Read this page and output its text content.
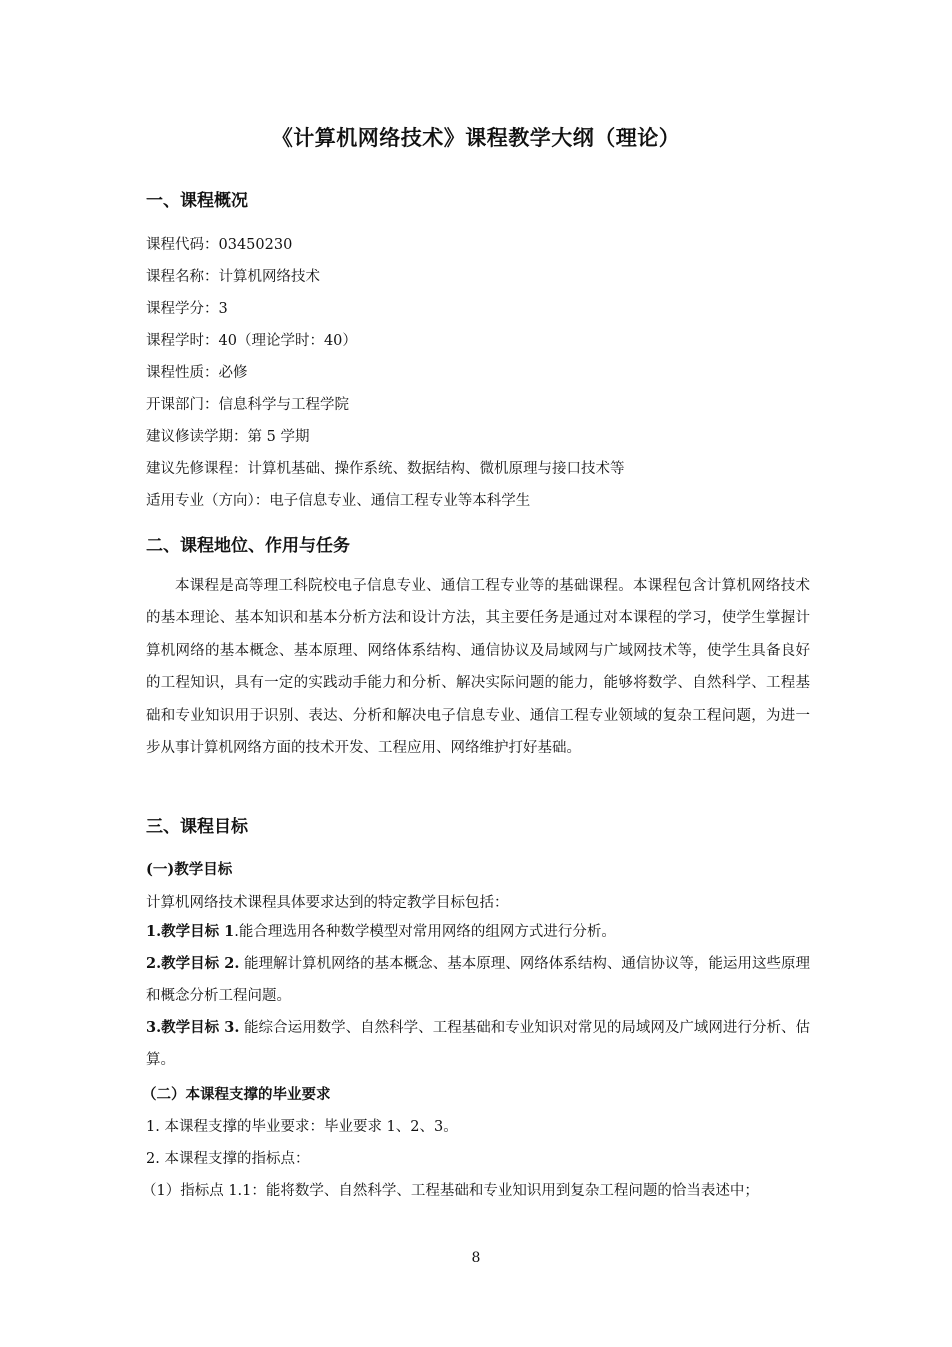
《计算机网络技术》课程教学大纲（理论）
一、课程概况
课程代码：03450230
课程名称：计算机网络技术
课程学分：3
课程学时：40（理论学时：40）
课程性质：必修
开课部门：信息科学与工程学院
建议修读学期：第 5 学期
建议先修课程：计算机基础、操作系统、数据结构、微机原理与接口技术等
适用专业（方向）：电子信息专业、通信工程专业等本科学生
二、课程地位、作用与任务
本课程是高等理工科院校电子信息专业、通信工程专业等的基础课程。本课程包含计算机网络技术的基本理论、基本知识和基本分析方法和设计方法，其主要任务是通过对本课程的学习，使学生掌握计算机网络的基本概念、基本原理、网络体系结构、通信协议及局域网与广域网技术等，使学生具备良好的工程知识，具有一定的实践动手能力和分析、解决实际问题的能力，能够将数学、自然科学、工程基础和专业知识用于识别、表达、分析和解决电子信息专业、通信工程专业领域的复杂工程问题，为进一步从事计算机网络方面的技术开发、工程应用、网络维护打好基础。
三、课程目标
(一)教学目标
计算机网络技术课程具体要求达到的特定教学目标包括：
1.教学目标 1.能合理选用各种数学模型对常用网络的组网方式进行分析。
2.教学目标 2. 能理解计算机网络的基本概念、基本原理、网络体系结构、通信协议等，能运用这些原理和概念分析工程问题。
3.教学目标 3. 能综合运用数学、自然科学、工程基础和专业知识对常见的局域网及广域网进行分析、估算。
（二）本课程支撑的毕业要求
1. 本课程支撑的毕业要求：毕业要求 1、2、3。
2. 本课程支撑的指标点：
（1）指标点 1.1：能将数学、自然科学、工程基础和专业知识用到复杂工程问题的恰当表述中；
8
